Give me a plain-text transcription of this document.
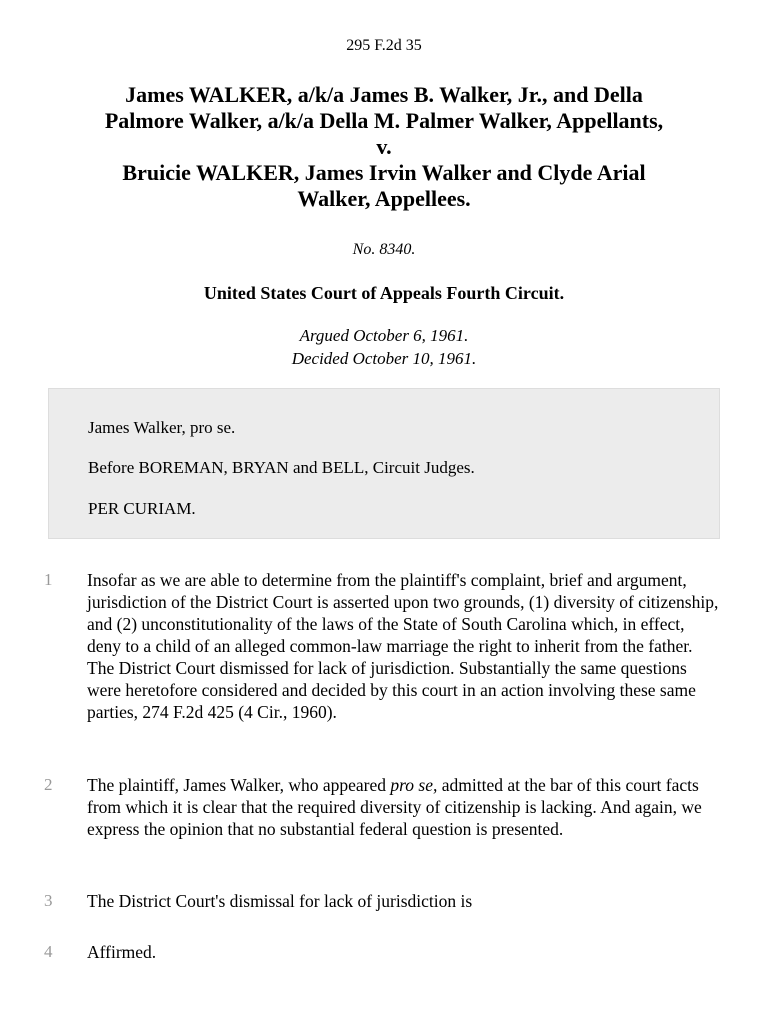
295 F.2d 35
James WALKER, a/k/a James B. Walker, Jr., and Della
Palmore Walker, a/k/a Della M. Palmer Walker, Appellants,
v.
Bruicie WALKER, James Irvin Walker and Clyde Arial
Walker, Appellees.
No. 8340.
United States Court of Appeals Fourth Circuit.
Argued October 6, 1961.
Decided October 10, 1961.

James Walker, pro se.

Before BOREMAN, BRYAN and BELL, Circuit Judges.

PER CURIAM.

1	Insofar as we are able to determine from the plaintiff's complaint, brief and argument, jurisdiction of the District Court is asserted upon two grounds, (1) diversity of citizenship, and (2) unconstitutionality of the laws of the State of South Carolina which, in effect, deny to a child of an alleged common-law marriage the right to inherit from the father. The District Court dismissed for lack of jurisdiction. Substantially the same questions were heretofore considered and decided by this court in an action involving these same parties, 274 F.2d 425 (4 Cir., 1960).

2	The plaintiff, James Walker, who appeared pro se, admitted at the bar of this court facts from which it is clear that the required diversity of citizenship is lacking. And again, we express the opinion that no substantial federal question is presented.

3	The District Court's dismissal for lack of jurisdiction is

4	Affirmed.
